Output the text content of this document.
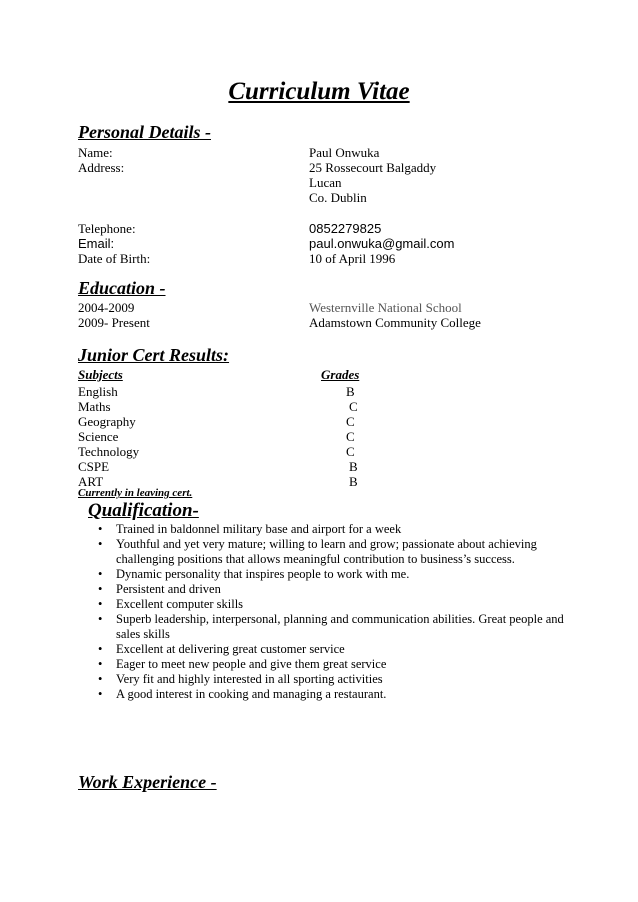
Curriculum Vitae
Personal Details -
Name:	Paul Onwuka
Address:	25 Rossecourt Balgaddy
Lucan
Co. Dublin
Telephone:	0852279825
Email:	paul.onwuka@gmail.com
Date of Birth:	10 of April 1996
Education -
2004-2009	Westernville National School
2009- Present	Adamstown Community College
Junior Cert Results:
Subjects	Grades
English	B
Maths	C
Geography	C
Science	C
Technology	C
CSPE	B
ART	B
Currently in leaving cert.
Qualification-
• Trained in baldonnel military base and airport for a week
• Youthful and yet very mature; willing to learn and grow; passionate about achieving challenging positions that allows meaningful contribution to business’s success.
• Dynamic personality that inspires people to work with me.
• Persistent and driven
• Excellent computer skills
• Superb leadership, interpersonal, planning and communication abilities. Great people and sales skills
• Excellent at delivering great customer service
• Eager to meet new people and give them great service
• Very fit and highly interested in all sporting activities
• A good interest in cooking and managing a restaurant.
Work Experience -
